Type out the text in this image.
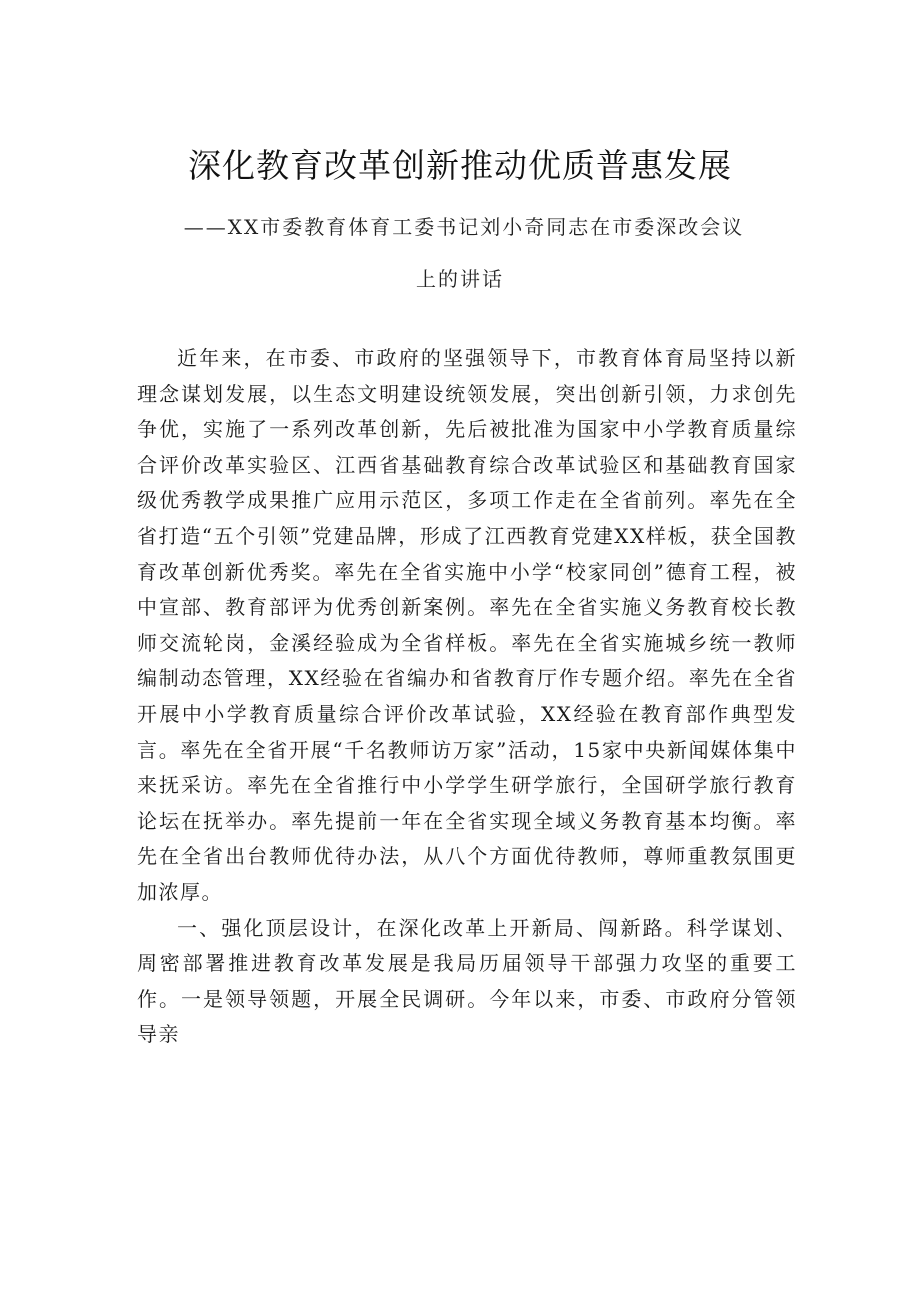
深化教育改革创新推动优质普惠发展
——XX市委教育体育工委书记刘小奇同志在市委深改会议
上的讲话

近年来，在市委、市政府的坚强领导下，市教育体育局坚持以新理念谋划发展，以生态文明建设统领发展，突出创新引领，力求创先争优，实施了一系列改革创新，先后被批准为国家中小学教育质量综合评价改革实验区、江西省基础教育综合改革试验区和基础教育国家级优秀教学成果推广应用示范区，多项工作走在全省前列。率先在全省打造“五个引领”党建品牌，形成了江西教育党建XX样板，获全国教育改革创新优秀奖。率先在全省实施中小学“校家同创”德育工程，被中宣部、教育部评为优秀创新案例。率先在全省实施义务教育校长教师交流轮岗，金溪经验成为全省样板。率先在全省实施城乡统一教师编制动态管理，XX经验在省编办和省教育厅作专题介绍。率先在全省开展中小学教育质量综合评价改革试验，XX经验在教育部作典型发言。率先在全省开展“千名教师访万家”活动，15家中央新闻媒体集中来抚采访。率先在全省推行中小学学生研学旅行，全国研学旅行教育论坛在抚举办。率先提前一年在全省实现全域义务教育基本均衡。率先在全省出台教师优待办法，从八个方面优待教师，尊师重教氛围更加浓厚。

一、强化顶层设计，在深化改革上开新局、闯新路。科学谋划、周密部署推进教育改革发展是我局历届领导干部强力攻坚的重要工作。一是领导领题，开展全民调研。今年以来，市委、市政府分管领导亲
